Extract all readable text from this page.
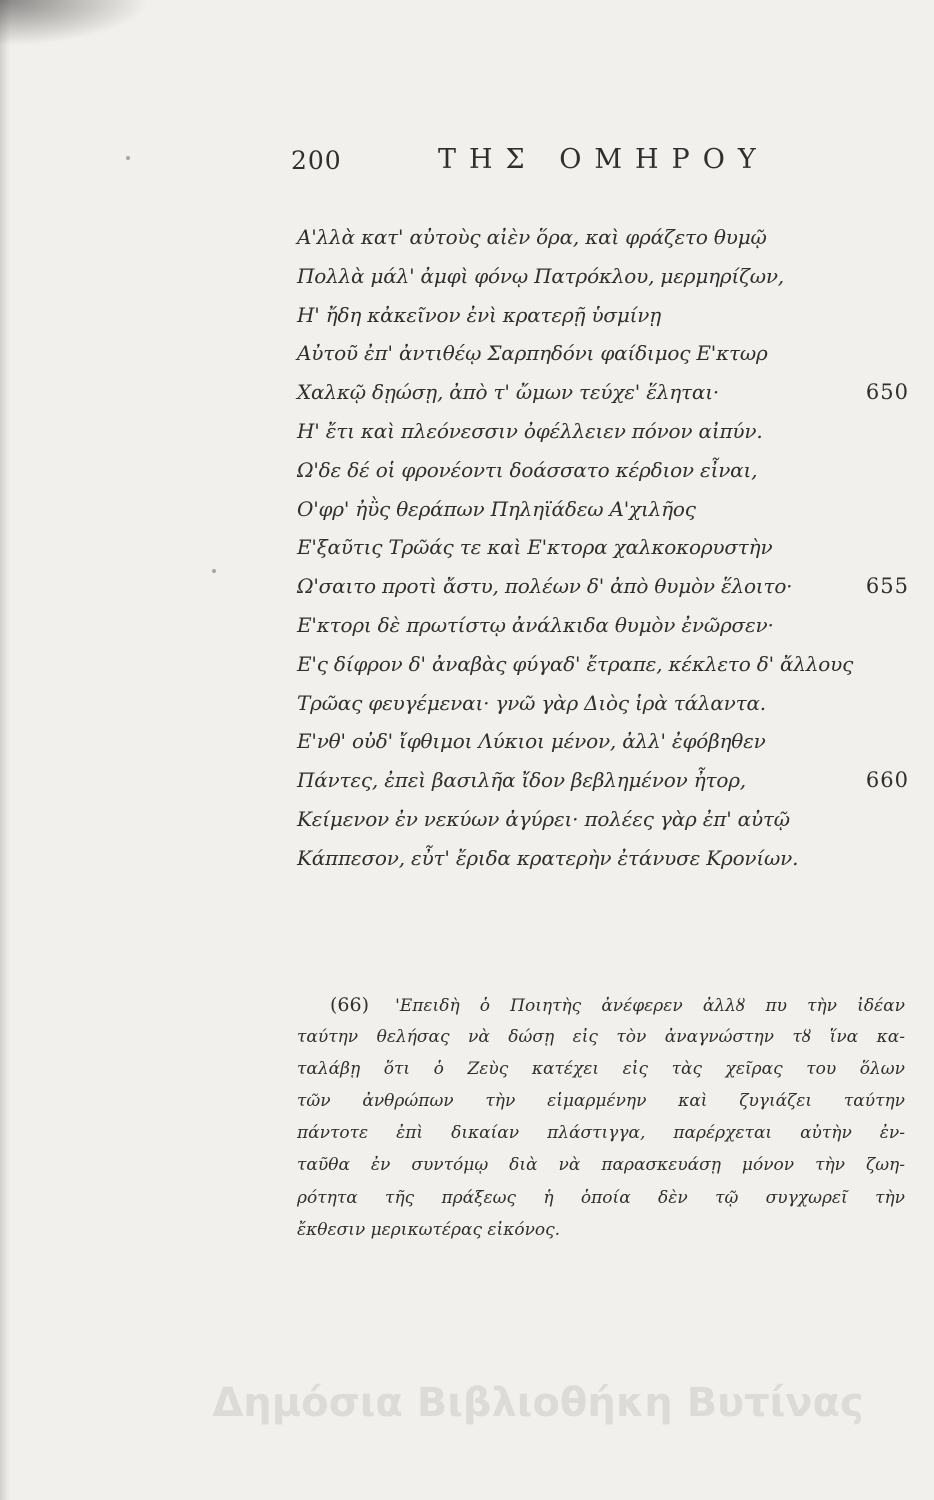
200	ΤΗΣ ΟΜΗΡΟΥ
Α'λλὰ κατ' αὐτοὺς αἰὲν ὅρα, καὶ φράζετο θυμῷ
Πολλὰ μάλ' ἀμφὶ φόνῳ Πατρόκλου, μερμηρίζων,
Η' ἤδη κἀκεῖνον ἐνὶ κρατερῇ ὑσμίνῃ
Αὐτοῦ ἐπ' ἀντιθέῳ Σαρπηδόνι φαίδιμος Ε'κτωρ
Χαλκῷ δῃώσῃ, ἀπὸ τ' ὤμων τεύχε' ἕληται·	650
Η' ἔτι καὶ πλεόνεσσιν ὀφέλλειεν πόνον αἰπύν.
Ω'δε δέ οἱ φρονέοντι δοάσσατο κέρδιον εἶναι,
Ο'φρ' ἠῢς θεράπων Πηληϊάδεω Α'χιλῆος
Ε'ξαῦτις Τρῶάς τε καὶ Ε'κτορα χαλκοκορυστὴν
Ω'σαιτο προτὶ ἄστυ, πολέων δ' ἀπὸ θυμὸν ἕλοιτο·	655
Ε'κτορι δὲ πρωτίστῳ ἀνάλκιδα θυμὸν ἐνῶρσεν·
Ε'ς δίφρον δ' ἀναβὰς φύγαδ' ἔτραπε, κέκλετο δ' ἄλλους
Τρῶας φευγέμεναι· γνῶ γὰρ Διὸς ἱρὰ τάλαντα.
Ε'νθ' οὐδ' ἴφθιμοι Λύκιοι μένον, ἀλλ' ἐφόβηθεν
Πάντες, ἐπεὶ βασιλῆα ἴδον βεβλημένον ἦτορ,	660
Κείμενον ἐν νεκύων ἀγύρει· πολέες γὰρ ἐπ' αὐτῷ
Κάππεσον, εὖτ' ἔριδα κρατερὴν ἐτάνυσε Κρονίων.
(66) 'Επειδὴ ὁ Ποιητὴς ἀνέφερεν ἀλλȣ πυ τὴν ἰδέαν
ταύτην θελήσας νὰ δώσῃ εἰς τὸν ἀναγνώστην τȣ ἵνα κα-
ταλάβῃ ὅτι ὁ Ζεὺς κατέχει εἰς τὰς χεῖρας του ὅλων
τῶν ἀνθρώπων τὴν εἱμαρμένην καὶ ζυγιάζει ταύτην
πάντοτε ἐπὶ δικαίαν πλάστιγγα, παρέρχεται αὐτὴν ἐν-
ταῦθα ἐν συντόμῳ διὰ νὰ παρασκευάσῃ μόνον τὴν ζωη-
ρότητα τῆς πράξεως ἡ ὁποία δὲν τῷ συγχωρεῖ τὴν
ἔκθεσιν μερικωτέρας εἰκόνος.
Δημόσια Βιβλιοθήκη Βυτίνας
